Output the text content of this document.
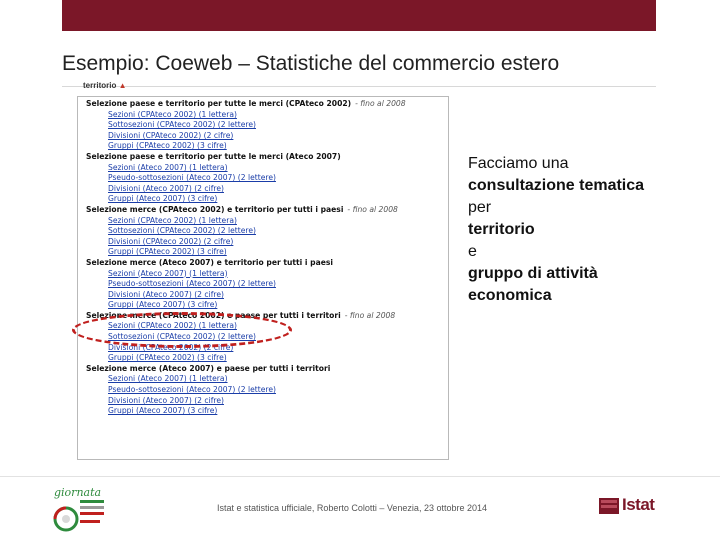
Esempio: Coeweb – Statistiche del commercio estero
territorio ▲
Selezione paese e territorio per tutte le merci (CPAteco 2002) - fino al 2008
Sezioni (CPAteco 2002) (1 lettera)
Sottosezioni (CPAteco 2002) (2 lettere)
Divisioni (CPAteco 2002) (2 cifre)
Gruppi (CPAteco 2002) (3 cifre)
Selezione paese e territorio per tutte le merci (Ateco 2007)
Sezioni (Ateco 2007) (1 lettera)
Pseudo-sottosezioni (Ateco 2007) (2 lettere)
Divisioni (Ateco 2007) (2 cifre)
Gruppi (Ateco 2007) (3 cifre)
Selezione merce (CPAteco 2002) e territorio per tutti i paesi - fino al 2008
Sezioni (CPAteco 2002) (1 lettera)
Sottosezioni (CPAteco 2002) (2 lettere)
Divisioni (CPAteco 2002) (2 cifre)
Gruppi (CPAteco 2002) (3 cifre)
Selezione merce (Ateco 2007) e territorio per tutti i paesi
Sezioni (Ateco 2007) (1 lettera)
Pseudo-sottosezioni (Ateco 2007) (2 lettere)
Divisioni (Ateco 2007) (2 cifre)
Gruppi (Ateco 2007) (3 cifre)
Selezione merce (CPAteco 2002) e paese per tutti i territori - fino al 2008
Sezioni (CPAteco 2002) (1 lettera)
Sottosezioni (CPAteco 2002) (2 lettere)
Divisioni (CPAteco 2002) (2 cifre)
Gruppi (CPAteco 2002) (3 cifre)
Selezione merce (Ateco 2007) e paese per tutti i territori
Sezioni (Ateco 2007) (1 lettera)
Pseudo-sottosezioni (Ateco 2007) (2 lettere)
Divisioni (Ateco 2007) (2 cifre)
Gruppi (Ateco 2007) (3 cifre)
Facciamo una
consultazione tematica
per
territorio
e
gruppo di attività
economica
Istat e statistica ufficiale, Roberto Colotti – Venezia, 23 ottobre 2014
giornata
Istat
